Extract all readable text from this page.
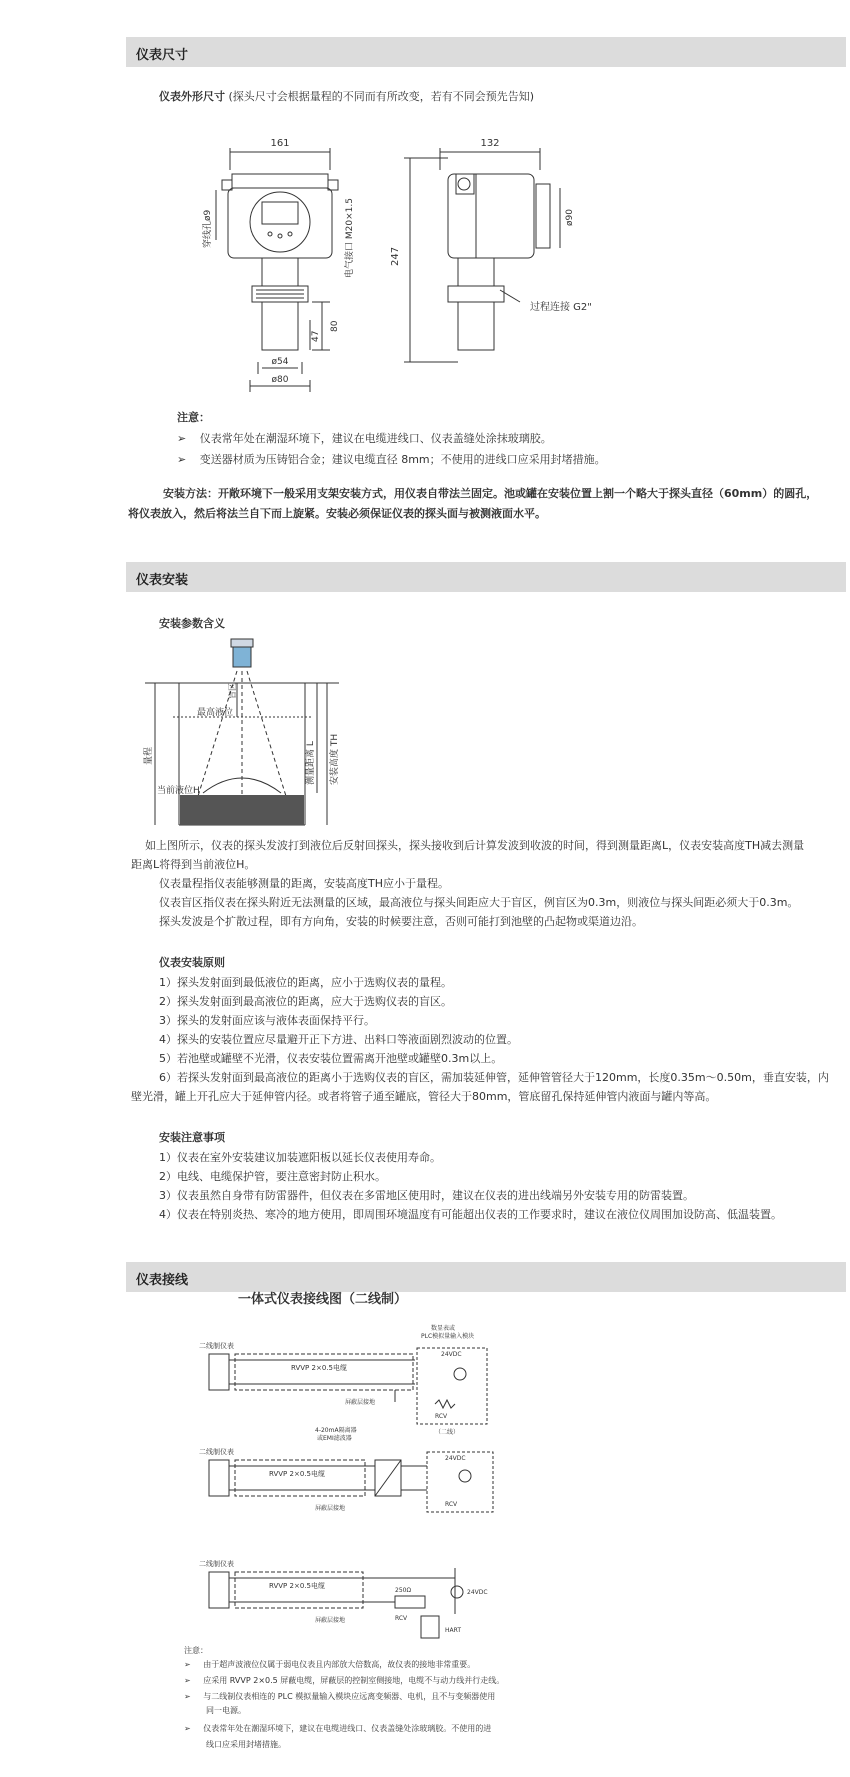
仪表尺寸
仪表外形尺寸 (探头尺寸会根据量程的不同而有所改变，若有不同会预先告知)
161	132
247
ø90
80
47
ø54
ø80
穿线孔ø9	电气接口 M20×1.5
过程连接 G2"
注意：
➢ 仪表常年处在潮湿环境下，建议在电缆进线口、仪表盖缝处涂抹玻璃胶。
➢ 变送器材质为压铸铝合金；建议电缆直径 8mm；不使用的进线口应采用封堵措施。
安装方法：开敞环境下一般采用支架安装方式，用仪表自带法兰固定。池或罐在安装位置上割一个略大于探头直径（60mm）的圆孔，
将仪表放入，然后将法兰自下而上旋紧。安装必须保证仪表的探头面与被测液面水平。
仪表安装
安装参数含义
最高液位
盲区
量程
当前液位H
测量距离 L 安装高度 TH
如上图所示，仪表的探头发波打到液位后反射回探头，探头接收到后计算发波到收波的时间，得到测量距离L，仪表安装高度TH减去测量
距离L将得到当前液位H。
仪表量程指仪表能够测量的距离，安装高度TH应小于量程。
仪表盲区指仪表在探头附近无法测量的区域，最高液位与探头间距应大于盲区，例盲区为0.3m，则液位与探头间距必须大于0.3m。
探头发波是个扩散过程，即有方向角，安装的时候要注意，否则可能打到池壁的凸起物或渠道边沿。
仪表安装原则
1）探头发射面到最低液位的距离，应小于选购仪表的量程。
2）探头发射面到最高液位的距离，应大于选购仪表的盲区。
3）探头的发射面应该与液体表面保持平行。
4）探头的安装位置应尽量避开正下方进、出料口等液面剧烈波动的位置。
5）若池壁或罐壁不光滑，仪表安装位置需离开池壁或罐壁0.3m以上。
6）若探头发射面到最高液位的距离小于选购仪表的盲区，需加装延伸管，延伸管管径大于120mm，长度0.35m～0.50m，垂直安装，内
壁光滑，罐上开孔应大于延伸管内径。或者将管子通至罐底，管径大于80mm，管底留孔保持延伸管内液面与罐内等高。
安装注意事项
1）仪表在室外安装建议加装遮阳板以延长仪表使用寿命。
2）电线、电缆保护管，要注意密封防止积水。
3）仪表虽然自身带有防雷器件，但仪表在多雷地区使用时，建议在仪表的进出线端另外安装专用的防雷装置。
4）仪表在特别炎热、寒冷的地方使用，即周围环境温度有可能超出仪表的工作要求时，建议在液位仪周围加设防高、低温装置。
仪表接线
一体式仪表接线图（二线制）
二线制仪表
RVVP 2×0.5电缆
屏蔽层接地
数显表或
PLC模拟量输入模块
24VDC
RCV
（二线）
二线制仪表
RVVP 2×0.5电缆
屏蔽层接地
4-20mA隔离器
或EMI滤波器
24VDC
RCV
二线制仪表
RVVP 2×0.5电缆
屏蔽层接地
250Ω	24VDC
RCV
HART
注意：
➢ 由于超声波液位仪属于弱电仪表且内部放大倍数高，故仪表的接地非常重要。
➢ 应采用 RVVP 2×0.5 屏蔽电缆，屏蔽层的控制室侧接地，电缆不与动力线并行走线。
➢ 与二线制仪表相连的 PLC 模拟量输入模块应远离变频器、电机，且不与变频器使用
同一电源。
➢ 仪表常年处在潮湿环境下，建议在电缆进线口、仪表盖缝处涂玻璃胶。不使用的进
线口应采用封堵措施。
